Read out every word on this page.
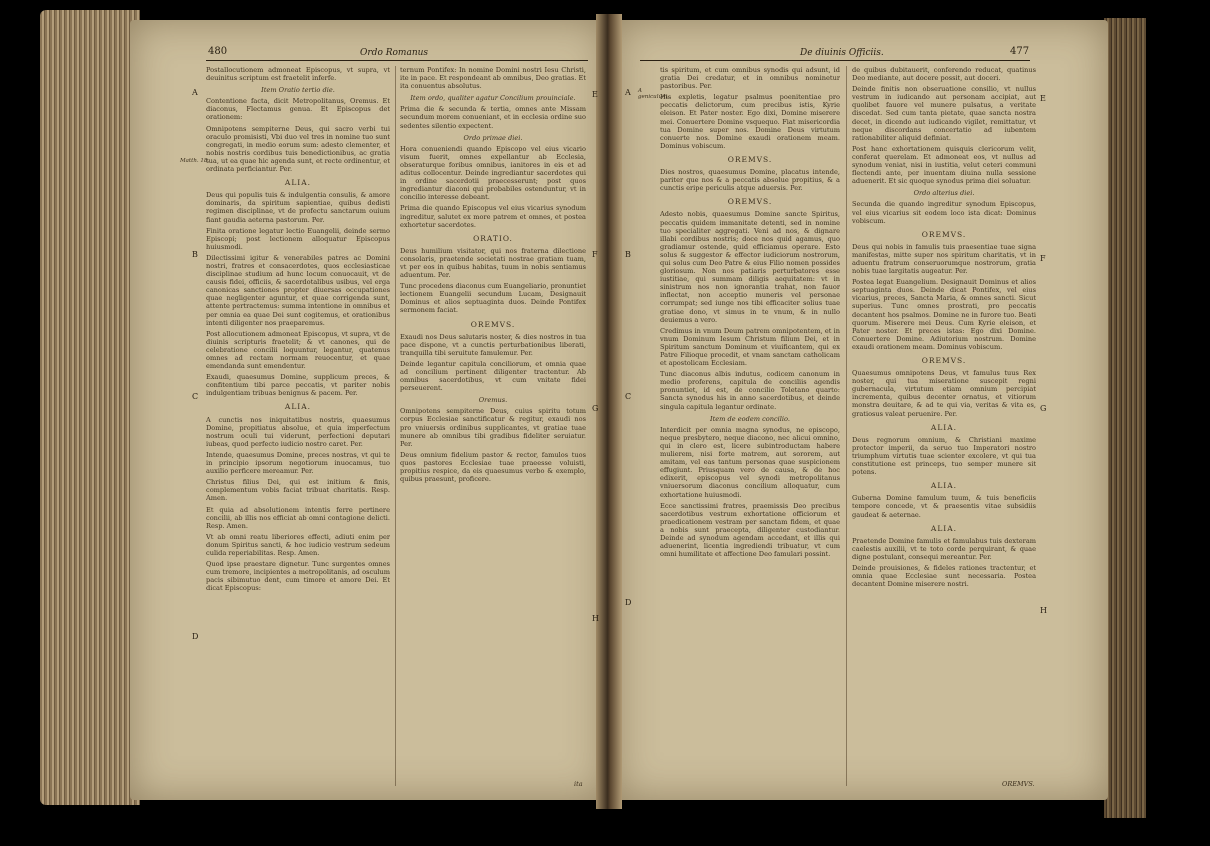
480	Ordo Romanus	De diuinis Officiis.	477
A
B
C
D
Matth. 18.
E
F
G
H
A
B
C
D
A geniculum.	E
F
G
H

Postallocutionem admoneat Episcopus, vt supra, vt deuinitus scriptum est fraetelit inferfe.

Item Oratio tertio die.

Contentione facta, dicit Metropolitanus, Oremus. Et diaconus, Flectamus genua. Et Episcopus det orationem:

Omnipotens sempiterne Deus, qui sacro verbi tui oraculo promisisti, Vbi duo vel tres in nomine tuo sunt congregati, in medio eorum sum: adesto clementer, et nobis nostris cordibus tuis benedictionibus, ac gratia tua, ut ea quae hic agenda sunt, et recte ordinentur, et ordinata perficiantur. Per.

ALIA.

Deus qui populis tuis & indulgentia consulis, & amore dominaris, da spiritum sapientiae, quibus dedisti regimen disciplinae, vt de profectu sanctarum ouium fiant gaudia aeterna pastorum. Per.

Finita oratione legatur lectio Euangelii, deinde sermo Episcopi; post lectionem alloquatur Episcopus huiusmodi.

Dilectissimi igitur & venerabiles patres ac Domini nostri, fratres et consacerdotes, quos ecclesiasticae disciplinae studium ad hunc locum conuocauit, vt de causis fidei, officiis, & sacerdotalibus usibus, vel erga canonicas sanctiones propter diuersas occupationes quae negligenter aguntur, et quae corrigenda sunt, attente pertractemus: summa intentione in omnibus et per omnia ea quae Dei sunt cogitemus, et orationibus intenti diligenter nos praeparemus.

Post allocutionem admoneat Episcopus, vt supra, vt de diuinis scripturis fraetelit; & vt canones, qui de celebratione concilii loquuntur, legantur, quatenus omnes ad rectam normam reuocentur, et quae emendanda sunt emendentur.

Exaudi, quaesumus Domine, supplicum preces, & confitentium tibi parce peccatis, vt pariter nobis indulgentiam tribuas benignus & pacem. Per.

ALIA.

A cunctis nos iniquitatibus nostris, quaesumus Domine, propitiatus absolue, et quia imperfectum nostrum oculi tui viderunt, perfectioni deputari iubeas, quod perfecto iudicio nostro caret. Per.

Intende, quaesumus Domine, preces nostras, vt qui te in principio ipsorum negotiorum inuocamus, tuo auxilio perficere mereamur. Per.

Christus filius Dei, qui est initium & finis, complementum vobis faciat tribuat charitatis. Resp. Amen.

Et quia ad absolutionem intentis ferre pertinere concilii, ab illis nos efficiat ab omni contagione delicti. Resp. Amen.

Vt ab omni reatu liberiores effecti, adiuti enim per donum Spiritus sancti, & hoc iudicio vestrum sedeum culida reperiabilitas. Resp. Amen.

Quod ipse praestare dignetur. Tunc surgentes omnes cum tremore, incipientes a metropolitanis, ad osculum pacis sibimutuo dent, cum timore et amore Dei. Et dicat Episcopus:

ternum Pontifex: In nomine Domini nostri Iesu Christi, ite in pace. Et respondeant ab omnibus, Deo gratias. Et ita conuentus absolutus.

Item ordo, qualiter agatur Concilium prouinciale.

Prima die & secunda & tertia, omnes ante Missam secundum morem conueniant, et in ecclesia ordine suo sedentes silentio expectent.

Ordo primae diei.

Hora conueniendi quando Episcopo vel eius vicario visum fuerit, omnes expellantur ab Ecclesia, obseraturque foribus omnibus, ianitores in eis et ad aditus collocentur. Deinde ingrediantur sacerdotes qui in ordine sacerdotii praecesserunt; post quos ingrediantur diaconi qui probabiles ostenduntur, vt in concilio interesse debeant.

Prima die quando Episcopus vel eius vicarius synodum ingreditur, salutet ex more patrem et omnes, et postea exhortetur sacerdotes.

ORATIO.

Deus humilium visitator, qui nos fraterna dilectione consolaris, praetende societati nostrae gratiam tuam, vt per eos in quibus habitas, tuum in nobis sentiamus aduentum. Per.

Tunc procedens diaconus cum Euangeliario, pronuntiet lectionem Euangelii secundum Lucam, Designauit Dominus et alios septuaginta duos. Deinde Pontifex sermonem faciat.

OREMVS.

Exaudi nos Deus salutaris noster, & dies nostros in tua pace dispone, vt a cunctis perturbationibus liberati, tranquilla tibi seruitute famulemur. Per.

Deinde legantur capitula conciliorum, et omnia quae ad concilium pertinent diligenter tractentur. Ab omnibus sacerdotibus, vt cum vnitate fidei perseuerent.

Oremus.

Omnipotens sempiterne Deus, cuius spiritu totum corpus Ecclesiae sanctificatur & regitur, exaudi nos pro vniuersis ordinibus supplicantes, vt gratiae tuae munere ab omnibus tibi gradibus fideliter seruiatur. Per.

Deus omnium fidelium pastor & rector, famulos tuos quos pastores Ecclesiae tuae praeesse voluisti, propitius respice, da eis quaesumus verbo & exemplo, quibus praesunt, proficere.

tis spiritum, et cum omnibus synodis qui adsunt, id gratia Dei credatur, et in omnibus nominetur pastoribus. Per.

His expletis, legatur psalmus poenitentiae pro peccatis delictorum, cum precibus istis, Kyrie eleison. Et Pater noster. Ego dixi, Domine miserere mei. Conuertere Domine vsquequo. Fiat misericordia tua Domine super nos. Domine Deus virtutum conuerte nos. Domine exaudi orationem meam. Dominus vobiscum.

OREMVS.

Dies nostros, quaesumus Domine, placatus intende, pariter que nos & a peccatis absolue propitius, & a cunctis eripe periculis atque aduersis. Per.

OREMVS.

Adesto nobis, quaesumus Domine sancte Spiritus, peccatis quidem immanitate detenti, sed in nomine tuo specialiter aggregati. Veni ad nos, & dignare illabi cordibus nostris; doce nos quid agamus, quo gradiamur ostende, quid efficiamus operare. Esto solus & suggestor & effector iudiciorum nostrorum, qui solus cum Deo Patre & eius Filio nomen possides gloriosum. Non nos patiaris perturbatores esse iustitiae, qui summam diligis aequitatem: vt in sinistrum nos non ignorantia trahat, non fauor inflectat, non acceptio muneris vel personae corrumpat; sed iunge nos tibi efficaciter solius tuae gratiae dono, vt simus in te vnum, & in nullo deuiemus a vero.

Credimus in vnum Deum patrem omnipotentem, et in vnum Dominum Iesum Christum filium Dei, et in Spiritum sanctum Dominum et viuificantem, qui ex Patre Filioque procedit, et vnam sanctam catholicam et apostolicam Ecclesiam.

Tunc diaconus albis indutus, codicem canonum in medio proferens, capitula de conciliis agendis pronuntiet, id est, de concilio Toletano quarto: Sancta synodus his in anno sacerdotibus, et deinde singula capitula legantur ordinate.

Item de eodem concilio.

Interdicit per omnia magna synodus, ne episcopo, neque presbytero, neque diacono, nec alicui omnino, qui in clero est, licere subintroductam habere mulierem, nisi forte matrem, aut sororem, aut amitam, vel eas tantum personas quae suspicionem effugiunt. Priusquam vero de causa, & de hoc edixerit, episcopus vel synodi metropolitanus vniuersorum diaconus concilium alloquatur, cum exhortatione huiusmodi.

Ecce sanctissimi fratres, praemissis Deo precibus sacerdotibus vestrum exhortatione officiorum et praedicationem vestram per sanctam fidem, et quae a nobis sunt praecepta, diligenter custodiantur. Deinde ad synodum agendam accedant, et illis qui aduenerint, licentia ingrediendi tribuatur, vt cum omni humilitate et affectione Deo famulari possint.

de quibus dubitauerit, conferendo reducat, quatinus Deo mediante, aut docere possit, aut doceri.

Deinde finitis non obseruatione consilio, vt nullus vestrum in iudicando aut personam accipiat, aut quolibet fauore vel munere pulsatus, a veritate discedat. Sed cum tanta pietate, quae sancta nostra decet, in dicendo aut iudicando vigilet, remittatur, vt neque discordans concertatio ad iubentem rationabiliter aliquid definiat.

Post hanc exhortationem quisquis clericorum velit, conferat querelam. Et admoneat eos, vt nullus ad synodum veniat, nisi in iustitia, velut ceteri communi flectendi ante, per inuentam diuina nulla sessione aduenerit. Et sic quoque synodus prima diei soluatur.

Ordo alterius diei.

Secunda die quando ingreditur synodum Episcopus, vel eius vicarius sit eodem loco ista dicat: Dominus vobiscum.

OREMVS.

Deus qui nobis in famulis tuis praesentiae tuae signa manifestas, mitte super nos spiritum charitatis, vt in aduentu fratrum conseruorumque nostrorum, gratia nobis tuae largitatis augeatur. Per.

Postea legat Euangelium. Designauit Dominus et alios septuaginta duos. Deinde dicat Pontifex, vel eius vicarius, preces, Sancta Maria, & omnes sancti. Sicut superius. Tunc omnes prostrati, pro peccatis decantent hos psalmos. Domine ne in furore tuo. Beati quorum. Miserere mei Deus. Cum Kyrie eleison, et Pater noster. Et preces istas: Ego dixi Domine. Conuertere Domine. Adiutorium nostrum. Domine exaudi orationem meam. Dominus vobiscum.

OREMVS.

Quaesumus omnipotens Deus, vt famulus tuus Rex noster, qui tua miseratione suscepit regni gubernacula, virtutum etiam omnium percipiat incrementa, quibus decenter ornatus, et vitiorum monstra deuitare, & ad te qui via, veritas & vita es, gratiosus valeat peruenire. Per.

ALIA.

Deus regnorum omnium, & Christiani maxime protector imperii, da seruo tuo Imperatori nostro triumphum virtutis tuae scienter excolere, vt qui tua constitutione est princeps, tuo semper munere sit potens.

ALIA.

Guberna Domine famulum tuum, & tuis beneficiis tempore concede, vt & praesentis vitae subsidiis gaudeat & aeternae.

ALIA.

Praetende Domine famulis et famulabus tuis dexteram caelestis auxilii, vt te toto corde perquirant, & quae digne postulant, consequi mereantur. Per.

Deinde prouisiones, & fideles rationes tractentur, et omnia quae Ecclesiae sunt necessaria. Postea decantent Domine miserere nostri.

ita	OREMVS.
